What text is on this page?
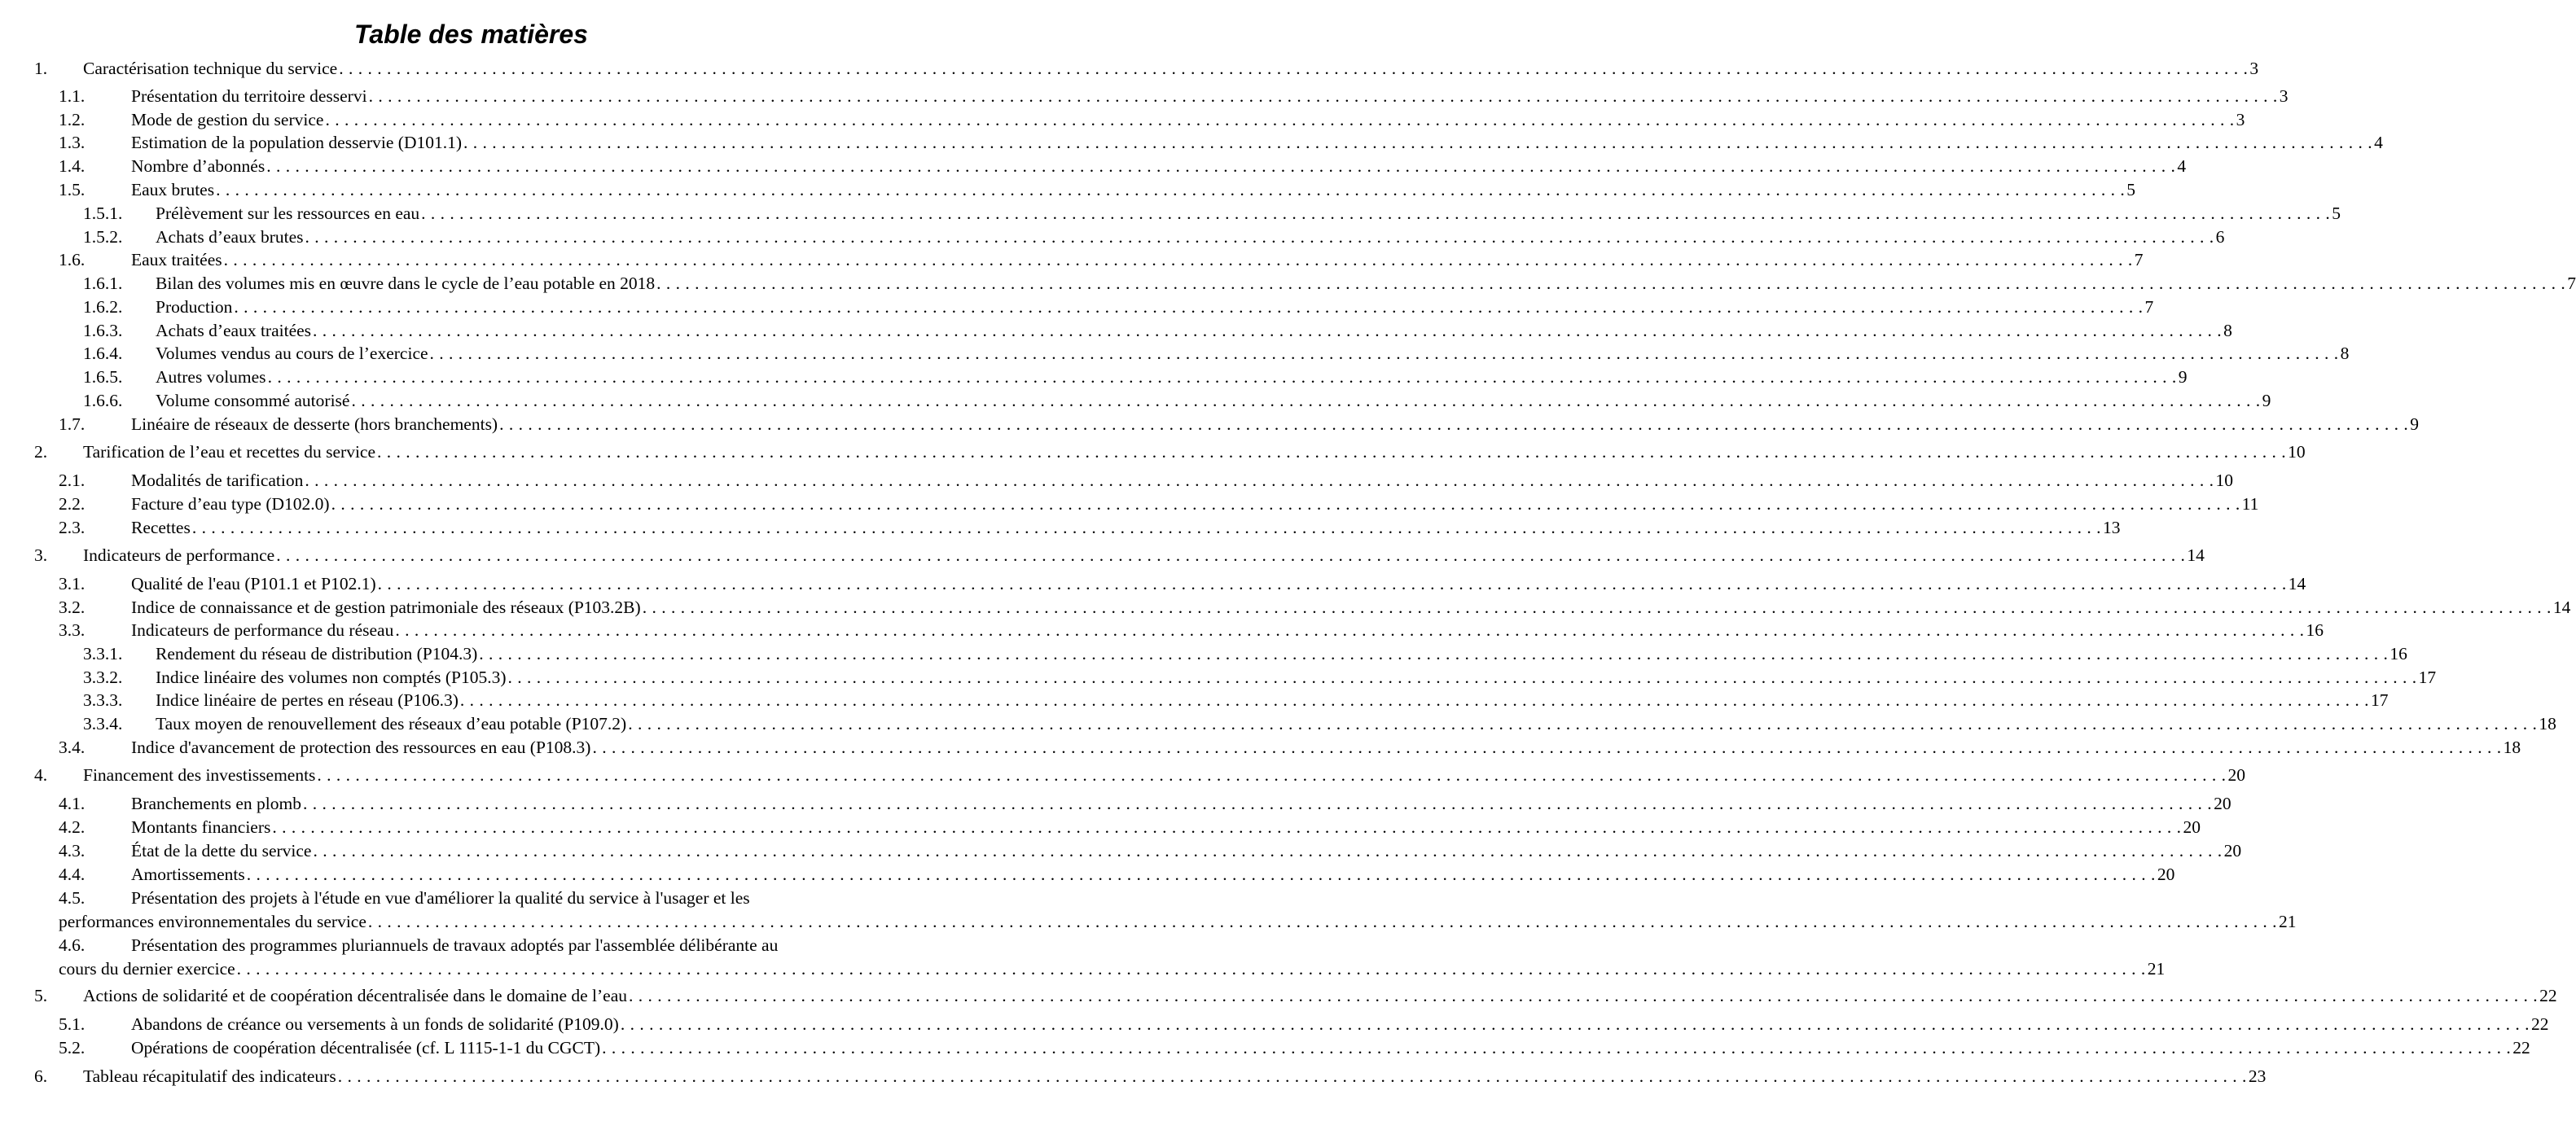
Table des matières
1. Caractérisation technique du service . . . . . . . . . . . . . . . . . . . . . . . . . . . . . . . . . . . . . . . . . . . . . . . . . . . . . . . . . . . . . . . . . . . . . . . . . . . . . . . . . . . . . . . . . . . . . . . . . . . . . . . . . . . . . . . . . . . . . . . . . . . . . . . . . . . . . . . . . . . . . . . . . . . . . . . . . . . . . . . . . . . . . . . . . . . . . . . . . . . . . . . . . . . . . . . . . . . . . . . . 3
1.1.	Présentation du territoire desservi . . . . . . . . . . . . . . . . . . . . . . . . . . . . . . . . . . . . . . . . . . . . . . . . . . . . . . . . . . . . . . . . . . . . . . . . . . . . . . . . . . . . . . . . . . . . . . . . . . . . . . . . . . . . . . . . . . . . . . . . . . . . . . . . . . . . . . . . . . . . . . . . . . . . . . . . . . . . . . . . . . . . . . . . . . . . . . . . . . . . . . . . . . . . . . . . . . . . . . . . 3
1.2.	Mode de gestion du service . . . . . . . . . . . . . . . . . . . . . . . . . . . . . . . . . . . . . . . . . . . . . . . . . . . . . . . . . . . . . . . . . . . . . . . . . . . . . . . . . . . . . . . . . . . . . . . . . . . . . . . . . . . . . . . . . . . . . . . . . . . . . . . . . . . . . . . . . . . . . . . . . . . . . . . . . . . . . . . . . . . . . . . . . . . . . . . . . . . . . . . . . . . . . . . . . . . . . . . . 3
1.3.	Estimation de la population desservie (D101.1) . . . . . . . . . . . . . . . . . . . . . . . . . . . . . . . . . . . . . . . . . . . . . . . . . . . . . . . . . . . . . . . . . . . . . . . . . . . . . . . . . . . . . . . . . . . . . . . . . . . . . . . . . . . . . . . . . . . . . . . . . . . . . . . . . . . . . . . . . . . . . . . . . . . . . . . . . . . . . . . . . . . . . . . . . . . . . . . . . . . . . . . . . . . . . . . . . . . . . . . . 4
1.4.	Nombre d’abonnés . . . . . . . . . . . . . . . . . . . . . . . . . . . . . . . . . . . . . . . . . . . . . . . . . . . . . . . . . . . . . . . . . . . . . . . . . . . . . . . . . . . . . . . . . . . . . . . . . . . . . . . . . . . . . . . . . . . . . . . . . . . . . . . . . . . . . . . . . . . . . . . . . . . . . . . . . . . . . . . . . . . . . . . . . . . . . . . . . . . . . . . . . . . . . . . . . . . . . . . . 4
1.5.	Eaux brutes . . . . . . . . . . . . . . . . . . . . . . . . . . . . . . . . . . . . . . . . . . . . . . . . . . . . . . . . . . . . . . . . . . . . . . . . . . . . . . . . . . . . . . . . . . . . . . . . . . . . . . . . . . . . . . . . . . . . . . . . . . . . . . . . . . . . . . . . . . . . . . . . . . . . . . . . . . . . . . . . . . . . . . . . . . . . . . . . . . . . . . . . . . . . . . . . . . . . . . . . 5
1.5.1. Prélèvement sur les ressources en eau . . . . . . . . . . . . . . . . . . . . . . . . . . . . . . . . . . . . . . . . . . . . . . . . . . . . . . . . . . . . . . . . . . . . . . . . . . . . . . . . . . . . . . . . . . . . . . . . . . . . . . . . . . . . . . . . . . . . . . . . . . . . . . . . . . . . . . . . . . . . . . . . . . . . . . . . . . . . . . . . . . . . . . . . . . . . . . . . . . . . . . . . . . . . . . . . . . . . . . . . 5
1.5.2. Achats d’eaux brutes . . . . . . . . . . . . . . . . . . . . . . . . . . . . . . . . . . . . . . . . . . . . . . . . . . . . . . . . . . . . . . . . . . . . . . . . . . . . . . . . . . . . . . . . . . . . . . . . . . . . . . . . . . . . . . . . . . . . . . . . . . . . . . . . . . . . . . . . . . . . . . . . . . . . . . . . . . . . . . . . . . . . . . . . . . . . . . . . . . . . . . . . . . . . . . . . . . . . . . . . 6
1.6.	Eaux traitées . . . . . . . . . . . . . . . . . . . . . . . . . . . . . . . . . . . . . . . . . . . . . . . . . . . . . . . . . . . . . . . . . . . . . . . . . . . . . . . . . . . . . . . . . . . . . . . . . . . . . . . . . . . . . . . . . . . . . . . . . . . . . . . . . . . . . . . . . . . . . . . . . . . . . . . . . . . . . . . . . . . . . . . . . . . . . . . . . . . . . . . . . . . . . . . . . . . . . . . . 7
1.6.1. Bilan des volumes mis en œuvre dans le cycle de l’eau potable en 2018 . . . . . . . . . . . . . . . . . . . . . . . . . . . . . . . . . . . . . . . . . . . . . . . . . . . . . . . . . . . . . . . . . . . . . . . . . . . . . . . . . . . . . . . . . . . . . . . . . . . . . . . . . . . . . . . . . . . . . . . . . . . . . . . . . . . . . . . . . . . . . . . . . . . . . . . . . . . . . . . . . . . . . . . . . . . . . . . . . . . . . . . . . . . . . . . . . . . . . . . . 7
1.6.2. Production . . . . . . . . . . . . . . . . . . . . . . . . . . . . . . . . . . . . . . . . . . . . . . . . . . . . . . . . . . . . . . . . . . . . . . . . . . . . . . . . . . . . . . . . . . . . . . . . . . . . . . . . . . . . . . . . . . . . . . . . . . . . . . . . . . . . . . . . . . . . . . . . . . . . . . . . . . . . . . . . . . . . . . . . . . . . . . . . . . . . . . . . . . . . . . . . . . . . . . . . 7
1.6.3. Achats d’eaux traitées . . . . . . . . . . . . . . . . . . . . . . . . . . . . . . . . . . . . . . . . . . . . . . . . . . . . . . . . . . . . . . . . . . . . . . . . . . . . . . . . . . . . . . . . . . . . . . . . . . . . . . . . . . . . . . . . . . . . . . . . . . . . . . . . . . . . . . . . . . . . . . . . . . . . . . . . . . . . . . . . . . . . . . . . . . . . . . . . . . . . . . . . . . . . . . . . . . . . . . . . 8
1.6.4. Volumes vendus au cours de l’exercice . . . . . . . . . . . . . . . . . . . . . . . . . . . . . . . . . . . . . . . . . . . . . . . . . . . . . . . . . . . . . . . . . . . . . . . . . . . . . . . . . . . . . . . . . . . . . . . . . . . . . . . . . . . . . . . . . . . . . . . . . . . . . . . . . . . . . . . . . . . . . . . . . . . . . . . . . . . . . . . . . . . . . . . . . . . . . . . . . . . . . . . . . . . . . . . . . . . . . . . . 8
1.6.5. Autres volumes . . . . . . . . . . . . . . . . . . . . . . . . . . . . . . . . . . . . . . . . . . . . . . . . . . . . . . . . . . . . . . . . . . . . . . . . . . . . . . . . . . . . . . . . . . . . . . . . . . . . . . . . . . . . . . . . . . . . . . . . . . . . . . . . . . . . . . . . . . . . . . . . . . . . . . . . . . . . . . . . . . . . . . . . . . . . . . . . . . . . . . . . . . . . . . . . . . . . . . . . 9
1.6.6. Volume consommé autorisé . . . . . . . . . . . . . . . . . . . . . . . . . . . . . . . . . . . . . . . . . . . . . . . . . . . . . . . . . . . . . . . . . . . . . . . . . . . . . . . . . . . . . . . . . . . . . . . . . . . . . . . . . . . . . . . . . . . . . . . . . . . . . . . . . . . . . . . . . . . . . . . . . . . . . . . . . . . . . . . . . . . . . . . . . . . . . . . . . . . . . . . . . . . . . . . . . . . . . . . . 9
1.7.	Linéaire de réseaux de desserte (hors branchements) . . . . . . . . . . . . . . . . . . . . . . . . . . . . . . . . . . . . . . . . . . . . . . . . . . . . . . . . . . . . . . . . . . . . . . . . . . . . . . . . . . . . . . . . . . . . . . . . . . . . . . . . . . . . . . . . . . . . . . . . . . . . . . . . . . . . . . . . . . . . . . . . . . . . . . . . . . . . . . . . . . . . . . . . . . . . . . . . . . . . . . . . . . . . . . . . . . . . . . . . 9
2. Tarification de l’eau et recettes du service . . . . . . . . . . . . . . . . . . . . . . . . . . . . . . . . . . . . . . . . . . . . . . . . . . . . . . . . . . . . . . . . . . . . . . . . . . . . . . . . . . . . . . . . . . . . . . . . . . . . . . . . . . . . . . . . . . . . . . . . . . . . . . . . . . . . . . . . . . . . . . . . . . . . . . . . . . . . . . . . . . . . . . . . . . . . . . . . . . . . . . . . . . . . . . . . . . . . . . . . 10
2.1.	Modalités de tarification . . . . . . . . . . . . . . . . . . . . . . . . . . . . . . . . . . . . . . . . . . . . . . . . . . . . . . . . . . . . . . . . . . . . . . . . . . . . . . . . . . . . . . . . . . . . . . . . . . . . . . . . . . . . . . . . . . . . . . . . . . . . . . . . . . . . . . . . . . . . . . . . . . . . . . . . . . . . . . . . . . . . . . . . . . . . . . . . . . . . . . . . . . . . . . . . . . . . . . . . 10
2.2.	Facture d’eau type (D102.0) . . . . . . . . . . . . . . . . . . . . . . . . . . . . . . . . . . . . . . . . . . . . . . . . . . . . . . . . . . . . . . . . . . . . . . . . . . . . . . . . . . . . . . . . . . . . . . . . . . . . . . . . . . . . . . . . . . . . . . . . . . . . . . . . . . . . . . . . . . . . . . . . . . . . . . . . . . . . . . . . . . . . . . . . . . . . . . . . . . . . . . . . . . . . . . . . . . . . . . . . 11
2.3.	Recettes . . . . . . . . . . . . . . . . . . . . . . . . . . . . . . . . . . . . . . . . . . . . . . . . . . . . . . . . . . . . . . . . . . . . . . . . . . . . . . . . . . . . . . . . . . . . . . . . . . . . . . . . . . . . . . . . . . . . . . . . . . . . . . . . . . . . . . . . . . . . . . . . . . . . . . . . . . . . . . . . . . . . . . . . . . . . . . . . . . . . . . . . . . . . . . . . . . . . . . . . 13
3. Indicateurs de performance . . . . . . . . . . . . . . . . . . . . . . . . . . . . . . . . . . . . . . . . . . . . . . . . . . . . . . . . . . . . . . . . . . . . . . . . . . . . . . . . . . . . . . . . . . . . . . . . . . . . . . . . . . . . . . . . . . . . . . . . . . . . . . . . . . . . . . . . . . . . . . . . . . . . . . . . . . . . . . . . . . . . . . . . . . . . . . . . . . . . . . . . . . . . . . . . . . . . . . . . 14
3.1.	Qualité de l'eau (P101.1 et P102.1) . . . . . . . . . . . . . . . . . . . . . . . . . . . . . . . . . . . . . . . . . . . . . . . . . . . . . . . . . . . . . . . . . . . . . . . . . . . . . . . . . . . . . . . . . . . . . . . . . . . . . . . . . . . . . . . . . . . . . . . . . . . . . . . . . . . . . . . . . . . . . . . . . . . . . . . . . . . . . . . . . . . . . . . . . . . . . . . . . . . . . . . . . . . . . . . . . . . . . . . . 14
3.2.	Indice de connaissance et de gestion patrimoniale des réseaux (P103.2B) . . . . . . . . . . . . . . . . . . . . . . . . . . . . . . . . . . . . . . . . . . . . . . . . . . . . . . . . . . . . . . . . . . . . . . . . . . . . . . . . . . . . . . . . . . . . . . . . . . . . . . . . . . . . . . . . . . . . . . . . . . . . . . . . . . . . . . . . . . . . . . . . . . . . . . . . . . . . . . . . . . . . . . . . . . . . . . . . . . . . . . . . . . . . . . . . . . . . . . . . 14
3.3.	Indicateurs de performance du réseau . . . . . . . . . . . . . . . . . . . . . . . . . . . . . . . . . . . . . . . . . . . . . . . . . . . . . . . . . . . . . . . . . . . . . . . . . . . . . . . . . . . . . . . . . . . . . . . . . . . . . . . . . . . . . . . . . . . . . . . . . . . . . . . . . . . . . . . . . . . . . . . . . . . . . . . . . . . . . . . . . . . . . . . . . . . . . . . . . . . . . . . . . . . . . . . . . . . . . . . . 16
3.3.1. Rendement du réseau de distribution (P104.3) . . . . . . . . . . . . . . . . . . . . . . . . . . . . . . . . . . . . . . . . . . . . . . . . . . . . . . . . . . . . . . . . . . . . . . . . . . . . . . . . . . . . . . . . . . . . . . . . . . . . . . . . . . . . . . . . . . . . . . . . . . . . . . . . . . . . . . . . . . . . . . . . . . . . . . . . . . . . . . . . . . . . . . . . . . . . . . . . . . . . . . . . . . . . . . . . . . . . . . . . 16
3.3.2. Indice linéaire des volumes non comptés (P105.3) . . . . . . . . . . . . . . . . . . . . . . . . . . . . . . . . . . . . . . . . . . . . . . . . . . . . . . . . . . . . . . . . . . . . . . . . . . . . . . . . . . . . . . . . . . . . . . . . . . . . . . . . . . . . . . . . . . . . . . . . . . . . . . . . . . . . . . . . . . . . . . . . . . . . . . . . . . . . . . . . . . . . . . . . . . . . . . . . . . . . . . . . . . . . . . . . . . . . . . . . 17
3.3.3. Indice linéaire de pertes en réseau (P106.3) . . . . . . . . . . . . . . . . . . . . . . . . . . . . . . . . . . . . . . . . . . . . . . . . . . . . . . . . . . . . . . . . . . . . . . . . . . . . . . . . . . . . . . . . . . . . . . . . . . . . . . . . . . . . . . . . . . . . . . . . . . . . . . . . . . . . . . . . . . . . . . . . . . . . . . . . . . . . . . . . . . . . . . . . . . . . . . . . . . . . . . . . . . . . . . . . . . . . . . . . 17
3.3.4. Taux moyen de renouvellement des réseaux d’eau potable (P107.2) . . . . . . . . . . . . . . . . . . . . . . . . . . . . . . . . . . . . . . . . . . . . . . . . . . . . . . . . . . . . . . . . . . . . . . . . . . . . . . . . . . . . . . . . . . . . . . . . . . . . . . . . . . . . . . . . . . . . . . . . . . . . . . . . . . . . . . . . . . . . . . . . . . . . . . . . . . . . . . . . . . . . . . . . . . . . . . . . . . . . . . . . . . . . . . . . . . . . . . . . 18
3.4.	Indice d'avancement de protection des ressources en eau (P108.3) . . . . . . . . . . . . . . . . . . . . . . . . . . . . . . . . . . . . . . . . . . . . . . . . . . . . . . . . . . . . . . . . . . . . . . . . . . . . . . . . . . . . . . . . . . . . . . . . . . . . . . . . . . . . . . . . . . . . . . . . . . . . . . . . . . . . . . . . . . . . . . . . . . . . . . . . . . . . . . . . . . . . . . . . . . . . . . . . . . . . . . . . . . . . . . . . . . . . . . . . 18
4. Financement des investissements . . . . . . . . . . . . . . . . . . . . . . . . . . . . . . . . . . . . . . . . . . . . . . . . . . . . . . . . . . . . . . . . . . . . . . . . . . . . . . . . . . . . . . . . . . . . . . . . . . . . . . . . . . . . . . . . . . . . . . . . . . . . . . . . . . . . . . . . . . . . . . . . . . . . . . . . . . . . . . . . . . . . . . . . . . . . . . . . . . . . . . . . . . . . . . . . . . . . . . . . 20
4.1.	Branchements en plomb . . . . . . . . . . . . . . . . . . . . . . . . . . . . . . . . . . . . . . . . . . . . . . . . . . . . . . . . . . . . . . . . . . . . . . . . . . . . . . . . . . . . . . . . . . . . . . . . . . . . . . . . . . . . . . . . . . . . . . . . . . . . . . . . . . . . . . . . . . . . . . . . . . . . . . . . . . . . . . . . . . . . . . . . . . . . . . . . . . . . . . . . . . . . . . . . . . . . . . . . 20
4.2.	Montants financiers . . . . . . . . . . . . . . . . . . . . . . . . . . . . . . . . . . . . . . . . . . . . . . . . . . . . . . . . . . . . . . . . . . . . . . . . . . . . . . . . . . . . . . . . . . . . . . . . . . . . . . . . . . . . . . . . . . . . . . . . . . . . . . . . . . . . . . . . . . . . . . . . . . . . . . . . . . . . . . . . . . . . . . . . . . . . . . . . . . . . . . . . . . . . . . . . . . . . . . . . 20
4.3.	État de la dette du service . . . . . . . . . . . . . . . . . . . . . . . . . . . . . . . . . . . . . . . . . . . . . . . . . . . . . . . . . . . . . . . . . . . . . . . . . . . . . . . . . . . . . . . . . . . . . . . . . . . . . . . . . . . . . . . . . . . . . . . . . . . . . . . . . . . . . . . . . . . . . . . . . . . . . . . . . . . . . . . . . . . . . . . . . . . . . . . . . . . . . . . . . . . . . . . . . . . . . . . . 20
4.4.	Amortissements . . . . . . . . . . . . . . . . . . . . . . . . . . . . . . . . . . . . . . . . . . . . . . . . . . . . . . . . . . . . . . . . . . . . . . . . . . . . . . . . . . . . . . . . . . . . . . . . . . . . . . . . . . . . . . . . . . . . . . . . . . . . . . . . . . . . . . . . . . . . . . . . . . . . . . . . . . . . . . . . . . . . . . . . . . . . . . . . . . . . . . . . . . . . . . . . . . . . . . . . 20
4.5.	Présentation des projets à l'étude en vue d'améliorer la qualité du service à l'usager et les
performances environnementales du service . . . . . . . . . . . . . . . . . . . . . . . . . . . . . . . . . . . . . . . . . . . . . . . . . . . . . . . . . . . . . . . . . . . . . . . . . . . . . . . . . . . . . . . . . . . . . . . . . . . . . . . . . . . . . . . . . . . . . . . . . . . . . . . . . . . . . . . . . . . . . . . . . . . . . . . . . . . . . . . . . . . . . . . . . . . . . . . . . . . . . . . . . . . . . . . . . . . . . . . . 21
4.6.	Présentation des programmes pluriannuels de travaux adoptés par l'assemblée délibérante au
cours du dernier exercice . . . . . . . . . . . . . . . . . . . . . . . . . . . . . . . . . . . . . . . . . . . . . . . . . . . . . . . . . . . . . . . . . . . . . . . . . . . . . . . . . . . . . . . . . . . . . . . . . . . . . . . . . . . . . . . . . . . . . . . . . . . . . . . . . . . . . . . . . . . . . . . . . . . . . . . . . . . . . . . . . . . . . . . . . . . . . . . . . . . . . . . . . . . . . . . . . . . . . . . . 21
5. Actions de solidarité et de coopération décentralisée dans le domaine de l’eau . . . . . . . . . . . . . . . . . . . . . . . . . . . . . . . . . . . . . . . . . . . . . . . . . . . . . . . . . . . . . . . . . . . . . . . . . . . . . . . . . . . . . . . . . . . . . . . . . . . . . . . . . . . . . . . . . . . . . . . . . . . . . . . . . . . . . . . . . . . . . . . . . . . . . . . . . . . . . . . . . . . . . . . . . . . . . . . . . . . . . . . . . . . . . . . . . . . . . . . . 22
5.1.	Abandons de créance ou versements à un fonds de solidarité (P109.0) . . . . . . . . . . . . . . . . . . . . . . . . . . . . . . . . . . . . . . . . . . . . . . . . . . . . . . . . . . . . . . . . . . . . . . . . . . . . . . . . . . . . . . . . . . . . . . . . . . . . . . . . . . . . . . . . . . . . . . . . . . . . . . . . . . . . . . . . . . . . . . . . . . . . . . . . . . . . . . . . . . . . . . . . . . . . . . . . . . . . . . . . . . . . . . . . . . . . . . . . 22
5.2.	Opérations de coopération décentralisée (cf. L 1115-1-1 du CGCT) . . . . . . . . . . . . . . . . . . . . . . . . . . . . . . . . . . . . . . . . . . . . . . . . . . . . . . . . . . . . . . . . . . . . . . . . . . . . . . . . . . . . . . . . . . . . . . . . . . . . . . . . . . . . . . . . . . . . . . . . . . . . . . . . . . . . . . . . . . . . . . . . . . . . . . . . . . . . . . . . . . . . . . . . . . . . . . . . . . . . . . . . . . . . . . . . . . . . . . . . 22
6. Tableau récapitulatif des indicateurs . . . . . . . . . . . . . . . . . . . . . . . . . . . . . . . . . . . . . . . . . . . . . . . . . . . . . . . . . . . . . . . . . . . . . . . . . . . . . . . . . . . . . . . . . . . . . . . . . . . . . . . . . . . . . . . . . . . . . . . . . . . . . . . . . . . . . . . . . . . . . . . . . . . . . . . . . . . . . . . . . . . . . . . . . . . . . . . . . . . . . . . . . . . . . . . . . . . . . . . . 23
